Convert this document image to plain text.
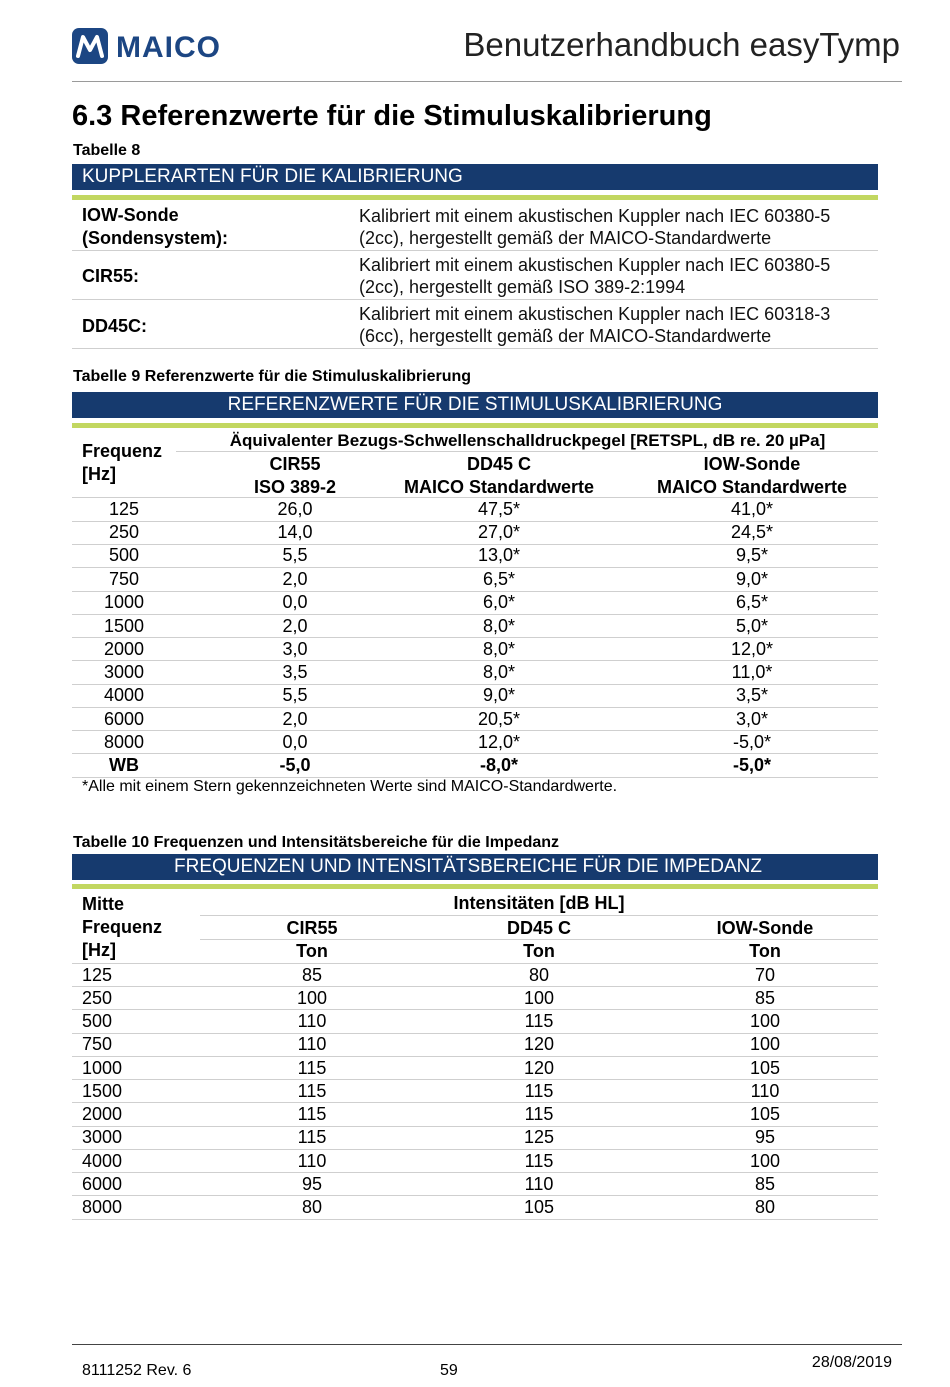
MAICO	Benutzerhandbuch easyTymp
6.3 Referenzwerte für die Stimuluskalibrierung
Tabelle 8
KUPPLERARTEN FÜR DIE KALIBRIERUNG
IOW-Sonde
(Sondensystem):
Kalibriert mit einem akustischen Kuppler nach IEC 60380-5
(2cc), hergestellt gemäß der MAICO-Standardwerte
CIR55:
Kalibriert mit einem akustischen Kuppler nach IEC 60380-5
(2cc), hergestellt gemäß ISO 389-2:1994
DD45C:
Kalibriert mit einem akustischen Kuppler nach IEC 60318-3
(6cc), hergestellt gemäß der MAICO-Standardwerte
Tabelle 9 Referenzwerte für die Stimuluskalibrierung
REFERENZWERTE FÜR DIE STIMULUSKALIBRIERUNG
Frequenz
[Hz]
Äquivalenter Bezugs-Schwellenschalldruckpegel [RETSPL, dB re. 20 µPa]
CIR55
ISO 389-2
DD45 C
MAICO Standardwerte
IOW-Sonde
MAICO Standardwerte
125	26,0	47,5*	41,0*
250	14,0	27,0*	24,5*
500	5,5	13,0*	9,5*
750	2,0	6,5*	9,0*
1000	0,0	6,0*	6,5*
1500	2,0	8,0*	5,0*
2000	3,0	8,0*	12,0*
3000	3,5	8,0*	11,0*
4000	5,5	9,0*	3,5*
6000	2,0	20,5*	3,0*
8000	0,0	12,0*	-5,0*
WB	-5,0	-8,0*	-5,0*
*Alle mit einem Stern gekennzeichneten Werte sind MAICO-Standardwerte.
Tabelle 10 Frequenzen und Intensitätsbereiche für die Impedanz
FREQUENZEN UND INTENSITÄTSBEREICHE FÜR DIE IMPEDANZ
Mitte
Frequenz
[Hz]
Intensitäten [dB HL]
CIR55	DD45 C	IOW-Sonde
Ton	Ton	Ton
125	85	80	70
250	100	100	85
500	110	115	100
750	110	120	100
1000	115	120	105
1500	115	115	110
2000	115	115	105
3000	115	125	95
4000	110	115	100
6000	95	110	85
8000	80	105	80
8111252 Rev. 6	59	28/08/2019
